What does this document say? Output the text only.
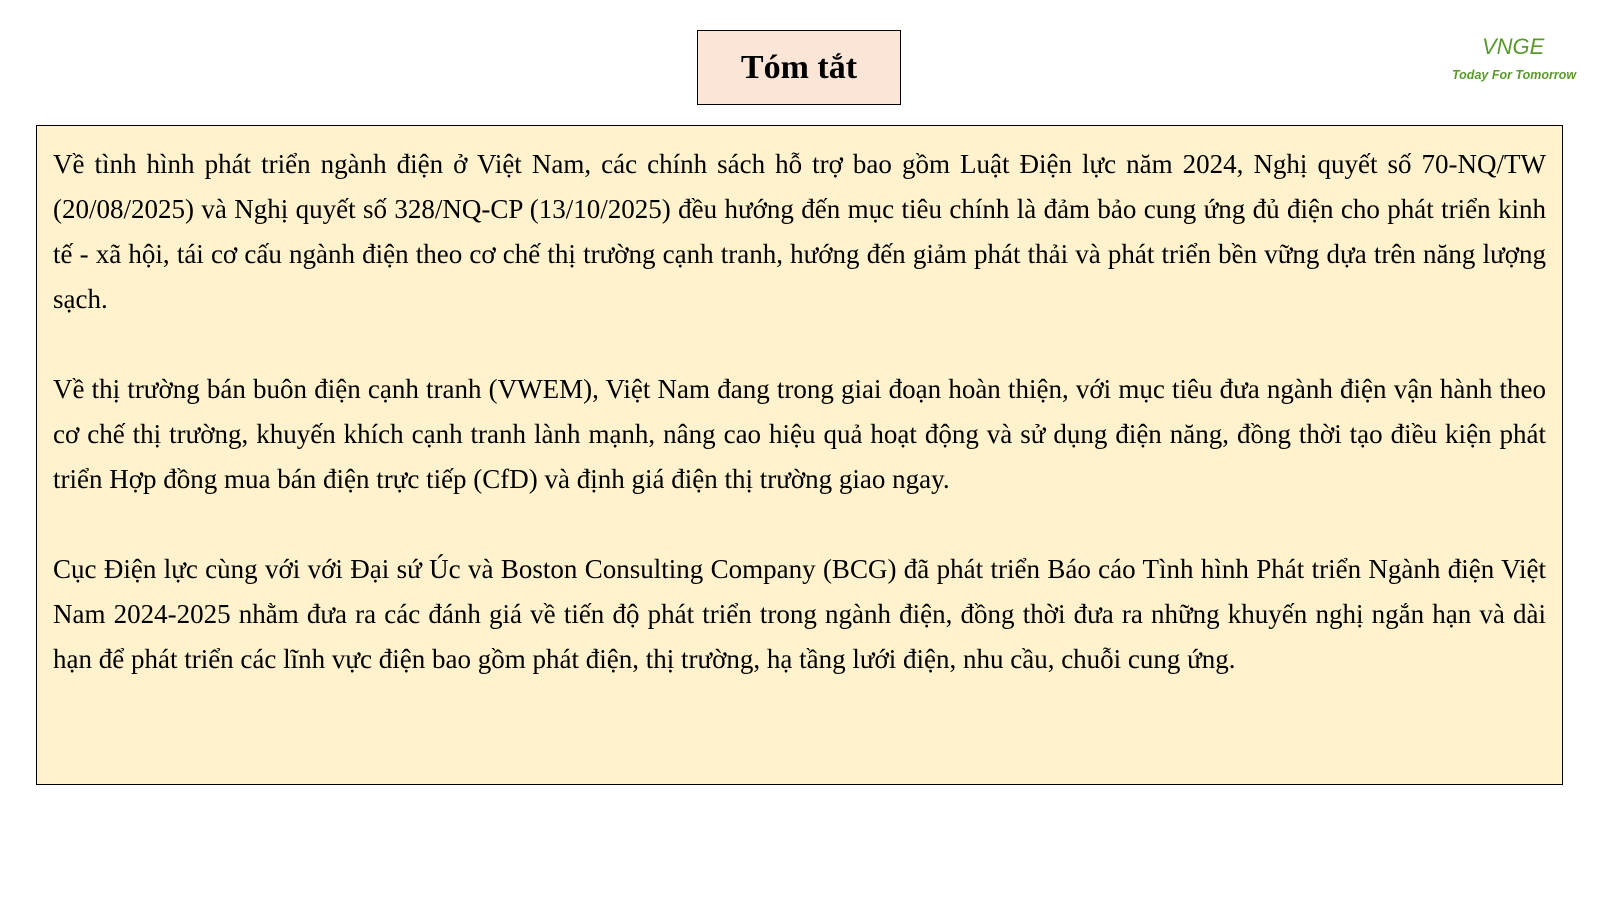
Tóm tắt
VNGE
Today For Tomorrow

Về tình hình phát triển ngành điện ở Việt Nam, các chính sách hỗ trợ bao gồm Luật Điện lực năm 2024, Nghị quyết số 70-NQ/TW (20/08/2025) và Nghị quyết số 328/NQ-CP (13/10/2025) đều hướng đến mục tiêu chính là đảm bảo cung ứng đủ điện cho phát triển kinh tế - xã hội, tái cơ cấu ngành điện theo cơ chế thị trường cạnh tranh, hướng đến giảm phát thải và phát triển bền vững dựa trên năng lượng sạch.

Về thị trường bán buôn điện cạnh tranh (VWEM), Việt Nam đang trong giai đoạn hoàn thiện, với mục tiêu đưa ngành điện vận hành theo cơ chế thị trường, khuyến khích cạnh tranh lành mạnh, nâng cao hiệu quả hoạt động và sử dụng điện năng, đồng thời tạo điều kiện phát triển Hợp đồng mua bán điện trực tiếp (CfD) và định giá điện thị trường giao ngay.

Cục Điện lực cùng với với Đại sứ Úc và Boston Consulting Company (BCG) đã phát triển Báo cáo Tình hình Phát triển Ngành điện Việt Nam 2024-2025 nhằm đưa ra các đánh giá về tiến độ phát triển trong ngành điện, đồng thời đưa ra những khuyến nghị ngắn hạn và dài hạn để phát triển các lĩnh vực điện bao gồm phát điện, thị trường, hạ tầng lưới điện, nhu cầu, chuỗi cung ứng.
